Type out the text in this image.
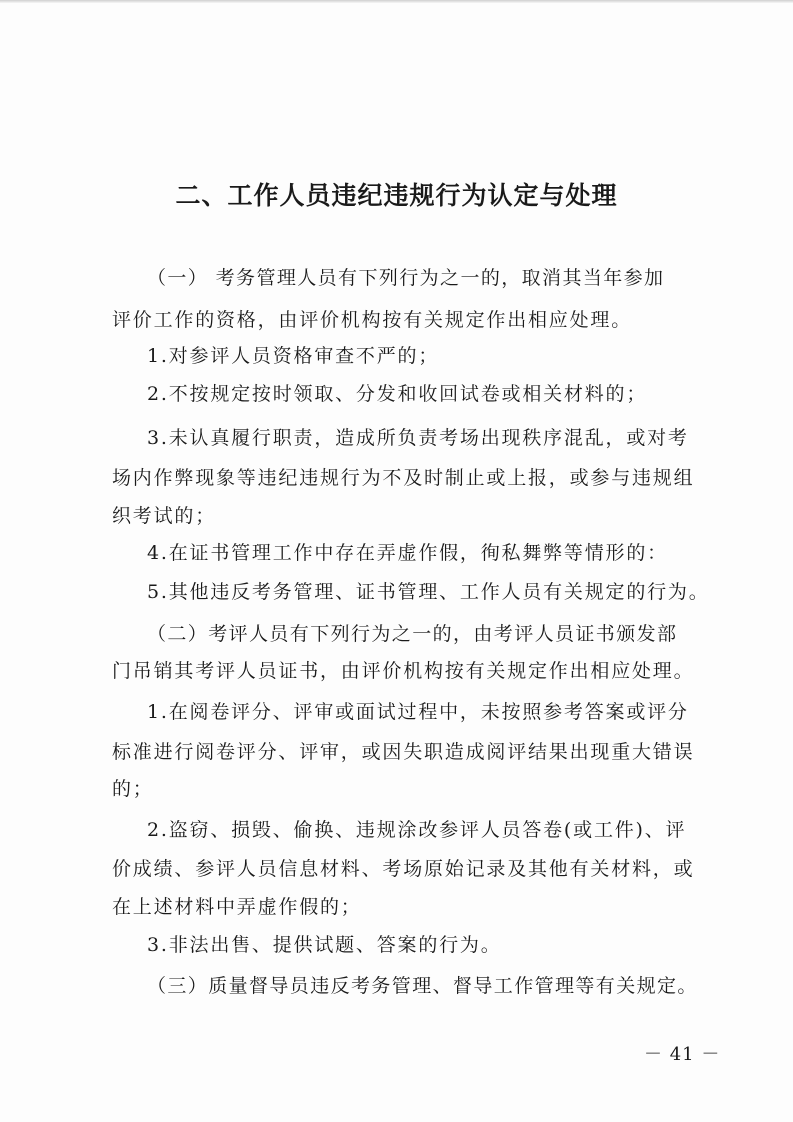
二、工作人员违纪违规行为认定与处理
（一） 考务管理人员有下列行为之一的，取消其当年参加
评价工作的资格，由评价机构按有关规定作出相应处理。
1.对参评人员资格审查不严的；
2.不按规定按时领取、分发和收回试卷或相关材料的；
3.未认真履行职责，造成所负责考场出现秩序混乱，或对考
场内作弊现象等违纪违规行为不及时制止或上报，或参与违规组
织考试的；
4.在证书管理工作中存在弄虚作假，徇私舞弊等情形的：
5.其他违反考务管理、证书管理、工作人员有关规定的行为。
（二）考评人员有下列行为之一的，由考评人员证书颁发部
门吊销其考评人员证书，由评价机构按有关规定作出相应处理。
1.在阅卷评分、评审或面试过程中，未按照参考答案或评分
标准进行阅卷评分、评审，或因失职造成阅评结果出现重大错误
的；
2.盗窃、损毁、偷换、违规涂改参评人员答卷(或工件)、评
价成绩、参评人员信息材料、考场原始记录及其他有关材料，或
在上述材料中弄虚作假的；
3.非法出售、提供试题、答案的行为。
（三）质量督导员违反考务管理、督导工作管理等有关规定。
－ 41 －
